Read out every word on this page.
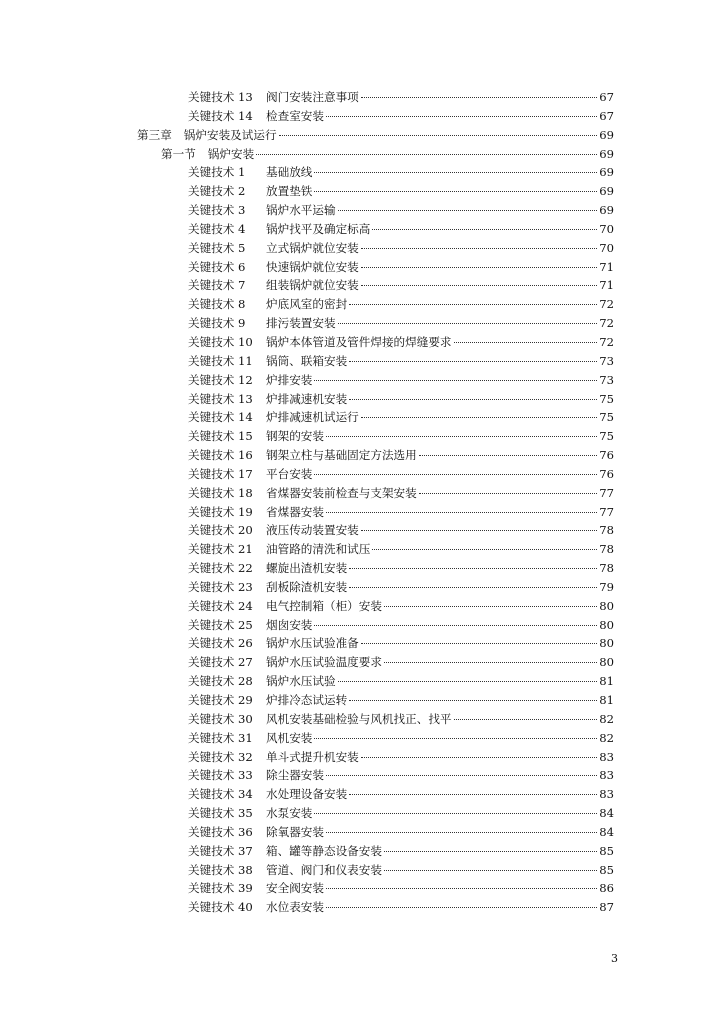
关键技术 13	阀门安装注意事项	67
关键技术 14	检查室安装	67
第三章 锅炉安装及试运行	69
第一节 锅炉安装	69
关键技术 1	基础放线	69
关键技术 2	放置垫铁	69
关键技术 3	锅炉水平运输	69
关键技术 4	锅炉找平及确定标高	70
关键技术 5	立式锅炉就位安装	70
关键技术 6	快速锅炉就位安装	71
关键技术 7	组装锅炉就位安装	71
关键技术 8	炉底风室的密封	72
关键技术 9	排污装置安装	72
关键技术 10	锅炉本体管道及管件焊接的焊缝要求	72
关键技术 11	锅筒、联箱安装	73
关键技术 12	炉排安装	73
关键技术 13	炉排减速机安装	75
关键技术 14	炉排减速机试运行	75
关键技术 15	钢架的安装	75
关键技术 16	钢架立柱与基础固定方法选用	76
关键技术 17	平台安装	76
关键技术 18	省煤器安装前检查与支架安装	77
关键技术 19	省煤器安装	77
关键技术 20	液压传动装置安装	78
关键技术 21	油管路的清洗和试压	78
关键技术 22	螺旋出渣机安装	78
关键技术 23	刮板除渣机安装	79
关键技术 24	电气控制箱（柜）安装	80
关键技术 25	烟囱安装	80
关键技术 26	锅炉水压试验准备	80
关键技术 27	锅炉水压试验温度要求	80
关键技术 28	锅炉水压试验	81
关键技术 29	炉排冷态试运转	81
关键技术 30	风机安装基础检验与风机找正、找平	82
关键技术 31	风机安装	82
关键技术 32	单斗式提升机安装	83
关键技术 33	除尘器安装	83
关键技术 34	水处理设备安装	83
关键技术 35	水泵安装	84
关键技术 36	除氧器安装	84
关键技术 37	箱、罐等静态设备安装	85
关键技术 38	管道、阀门和仪表安装	85
关键技术 39	安全阀安装	86
关键技术 40	水位表安装	87
3
